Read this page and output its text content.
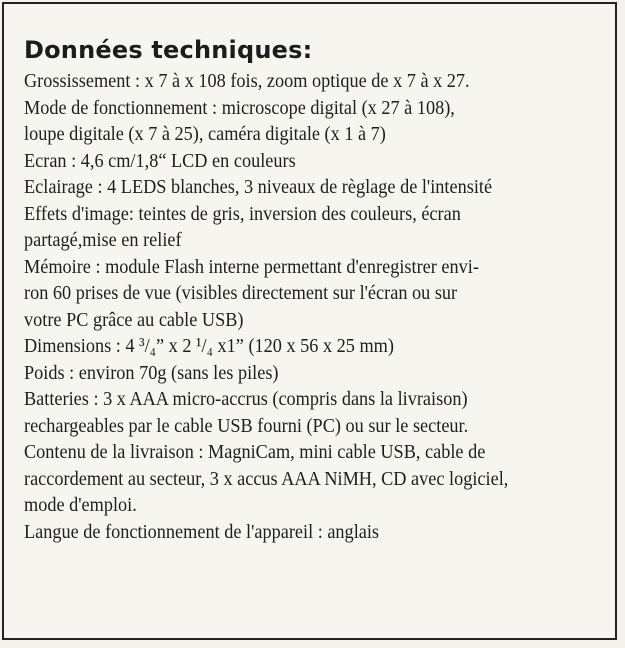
Données techniques:
Grossissement : x 7 à x 108 fois, zoom optique de x 7 à x 27.
Mode de fonctionnement : microscope digital (x 27 à 108),
loupe digitale (x 7 à 25), caméra digitale (x 1 à 7)
Ecran : 4,6 cm/1,8“ LCD en couleurs
Eclairage : 4 LEDS blanches, 3 niveaux de règlage de l'intensité
Effets d'image: teintes de gris, inversion des couleurs, écran
partagé,mise en relief
Mémoire : module Flash interne permettant d'enregistrer envi-
ron 60 prises de vue (visibles directement sur l'écran ou sur
votre PC grâce au cable USB)
Dimensions : 4 ³/₄” x 2 ¹/₄ x1” (120 x 56 x 25 mm)
Poids : environ 70g (sans les piles)
Batteries : 3 x AAA micro-accrus (compris dans la livraison)
rechargeables par le cable USB fourni (PC) ou sur le secteur.
Contenu de la livraison : MagniCam, mini cable USB, cable de
raccordement au secteur, 3 x accus AAA NiMH, CD avec logiciel,
mode d'emploi.
Langue de fonctionnement de l'appareil : anglais
